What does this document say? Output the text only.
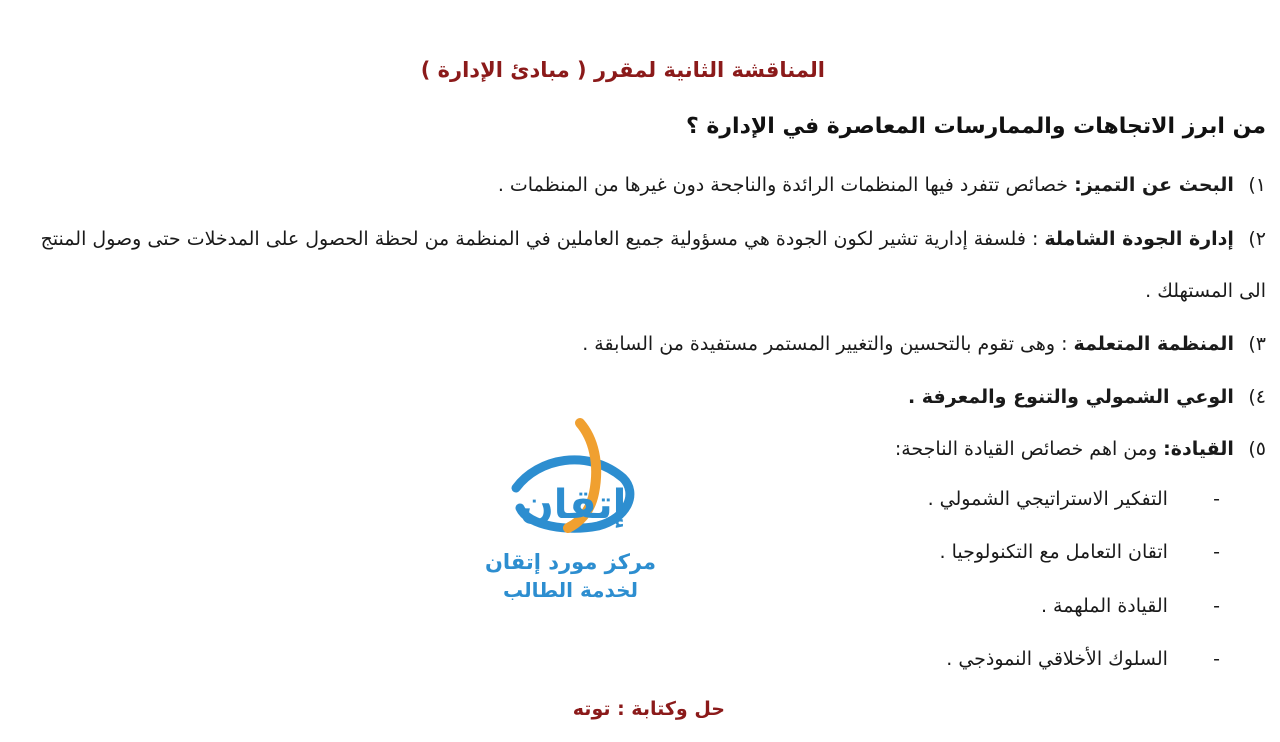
المناقشة الثانية لمقرر ( مبادئ الإدارة )
من ابرز الاتجاهات والممارسات المعاصرة في الإدارة ؟
١) البحث عن التميز: خصائص تتفرد فيها المنظمات الرائدة والناجحة دون غيرها من المنظمات .
٢) إدارة الجودة الشاملة : فلسفة إدارية تشير لكون الجودة هي مسؤولية جميع العاملين في المنظمة من لحظة الحصول على المدخلات حتى وصول المنتج الى المستهلك .
٣) المنظمة المتعلمة : وهى تقوم بالتحسين والتغيير المستمر مستفيدة من السابقة .
٤) الوعي الشمولي والتنوع والمعرفة .
٥) القيادة: ومن اهم خصائص القيادة الناجحة:
- التفكير الاستراتيجي الشمولي .
- اتقان التعامل مع التكنولوجيا .
- القيادة الملهمة .
- السلوك الأخلاقي النموذجي .
حل وكتابة : توته
إتقان
مركز مورد إتقان
لخدمة الطالب
